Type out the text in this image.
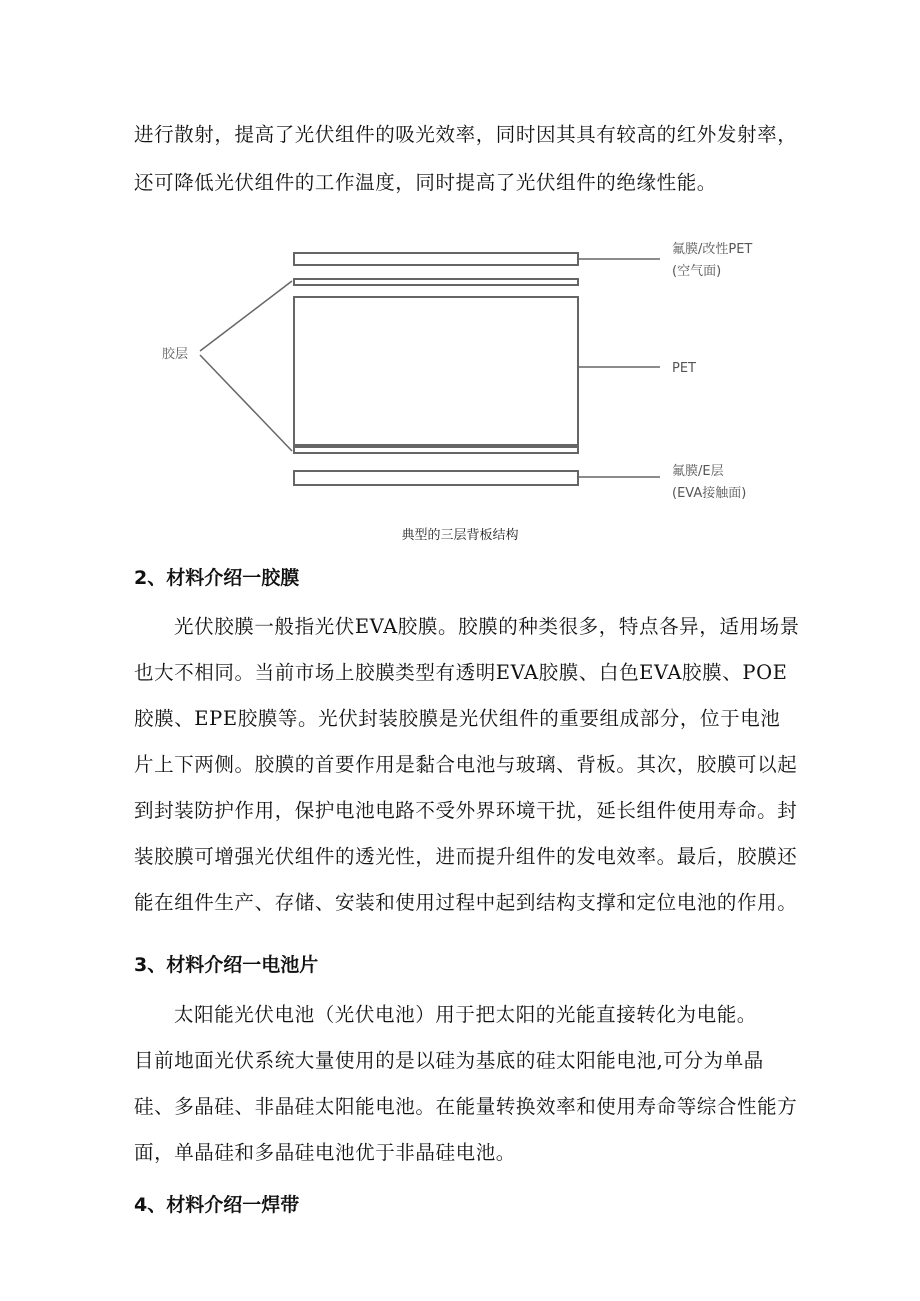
进行散射，提高了光伏组件的吸光效率，同时因其具有较高的红外发射率，

还可降低光伏组件的工作温度，同时提高了光伏组件的绝缘性能。

胶层
氟膜/改性PET
(空气面)
PET
氟膜/E层
(EVA接触面)

典型的三层背板结构

2、材料介绍一胶膜

光伏胶膜一般指光伏EVA胶膜。胶膜的种类很多，特点各异，适用场景也大不相同。当前市场上胶膜类型有透明EVA胶膜、白色EVA胶膜、POE胶膜、EPE胶膜等。光伏封装胶膜是光伏组件的重要组成部分，位于电池片上下两侧。胶膜的首要作用是黏合电池与玻璃、背板。其次，胶膜可以起到封装防护作用，保护电池电路不受外界环境干扰，延长组件使用寿命。封装胶膜可增强光伏组件的透光性，进而提升组件的发电效率。最后，胶膜还能在组件生产、存储、安装和使用过程中起到结构支撑和定位电池的作用。

3、材料介绍一电池片

太阳能光伏电池（光伏电池）用于把太阳的光能直接转化为电能。

目前地面光伏系统大量使用的是以硅为基底的硅太阳能电池,可分为单晶硅、多晶硅、非晶硅太阳能电池。在能量转换效率和使用寿命等综合性能方面，单晶硅和多晶硅电池优于非晶硅电池。

4、材料介绍一焊带
